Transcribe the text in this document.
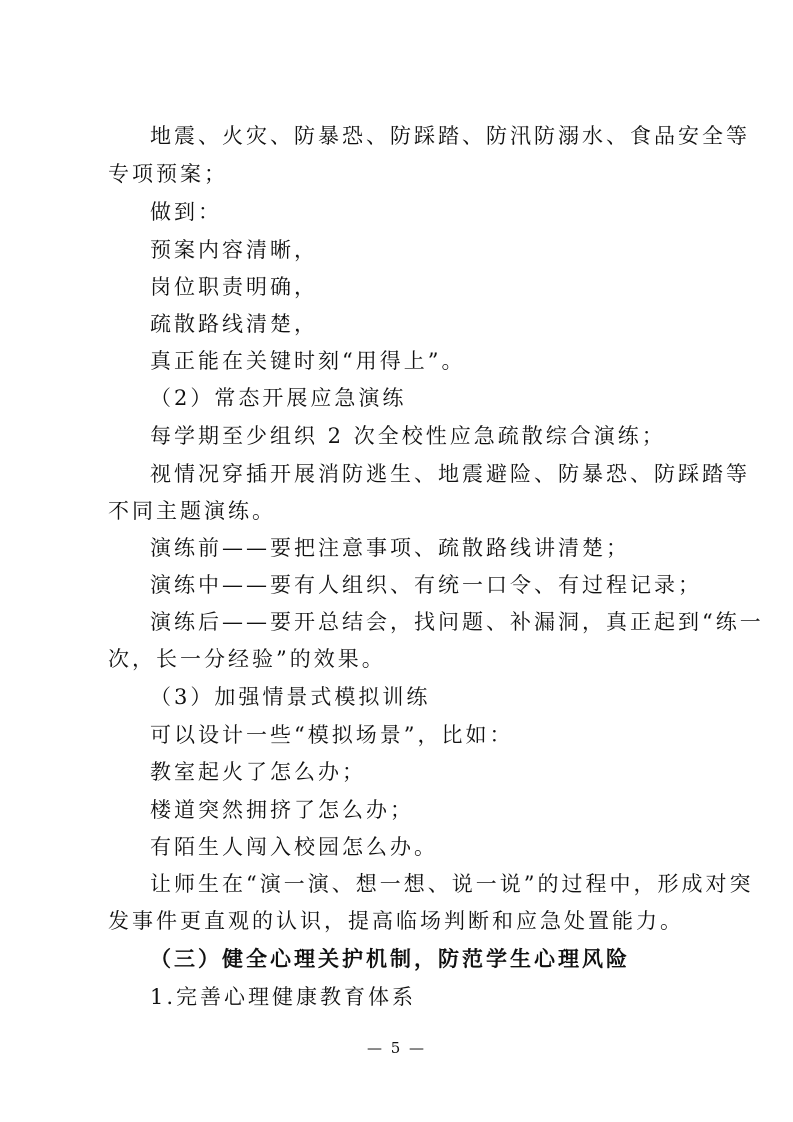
地震、火灾、防暴恐、防踩踏、防汛防溺水、食品安全等
专项预案；
做到：
预案内容清晰，
岗位职责明确，
疏散路线清楚，
真正能在关键时刻“用得上”。
（2）常态开展应急演练
每学期至少组织 2 次全校性应急疏散综合演练；
视情况穿插开展消防逃生、地震避险、防暴恐、防踩踏等
不同主题演练。
演练前——要把注意事项、疏散路线讲清楚；
演练中——要有人组织、有统一口令、有过程记录；
演练后——要开总结会，找问题、补漏洞，真正起到“练一
次，长一分经验”的效果。
（3）加强情景式模拟训练
可以设计一些“模拟场景”，比如：
教室起火了怎么办；
楼道突然拥挤了怎么办；
有陌生人闯入校园怎么办。
让师生在“演一演、想一想、说一说”的过程中，形成对突
发事件更直观的认识，提高临场判断和应急处置能力。
（三）健全心理关护机制，防范学生心理风险
1.完善心理健康教育体系
— 5 —
